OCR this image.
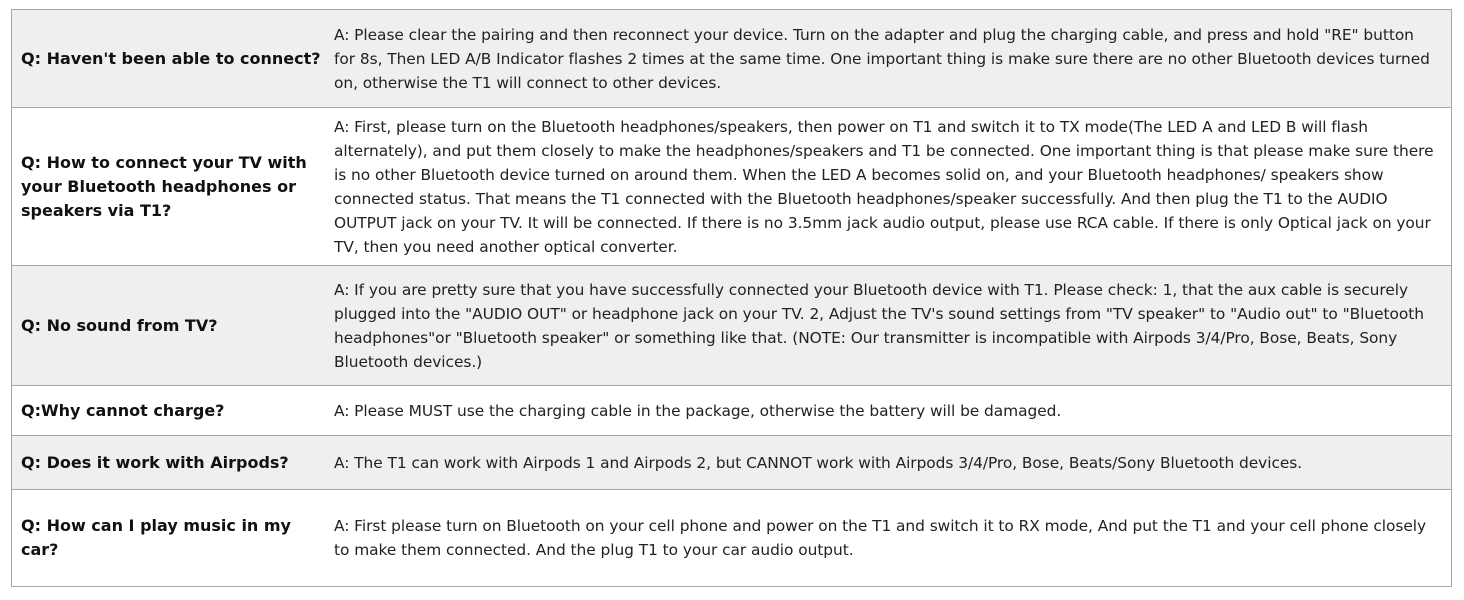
Q: Haven't been able to connect?
A: Please clear the pairing and then reconnect your device. Turn on the adapter and plug the charging cable, and press and hold "RE" button for 8s, Then LED A/B Indicator flashes 2 times at the same time. One important thing is make sure there are no other Bluetooth devices turned on, otherwise the T1 will connect to other devices.
Q: How to connect your TV with your Bluetooth headphones or speakers via T1?
A: First, please turn on the Bluetooth headphones/speakers, then power on T1 and switch it to TX mode(The LED A and LED B will flash alternately), and put them closely to make the headphones/speakers and T1 be connected. One important thing is that please make sure there is no other Bluetooth device turned on around them. When the LED A becomes solid on, and your Bluetooth headphones/ speakers show connected status. That means the T1 connected with the Bluetooth headphones/speaker successfully. And then plug the T1 to the AUDIO OUTPUT jack on your TV. It will be connected. If there is no 3.5mm jack audio output, please use RCA cable. If there is only Optical jack on your TV, then you need another optical converter.
Q: No sound from TV?
A: If you are pretty sure that you have successfully connected your Bluetooth device with T1. Please check: 1, that the aux cable is securely plugged into the "AUDIO OUT" or headphone jack on your TV. 2, Adjust the TV's sound settings from "TV speaker" to "Audio out" to "Bluetooth headphones"or "Bluetooth speaker" or something like that. (NOTE: Our transmitter is incompatible with Airpods 3/4/Pro, Bose, Beats, Sony Bluetooth devices.)
Q:Why cannot charge?	A: Please MUST use the charging cable in the package, otherwise the battery will be damaged.
Q: Does it work with Airpods?	A: The T1 can work with Airpods 1 and Airpods 2, but CANNOT work with Airpods 3/4/Pro, Bose, Beats/Sony Bluetooth devices.
Q: How can I play music in my car?
A: First please turn on Bluetooth on your cell phone and power on the T1 and switch it to RX mode, And put the T1 and your cell phone closely to make them connected. And the plug T1 to your car audio output.
